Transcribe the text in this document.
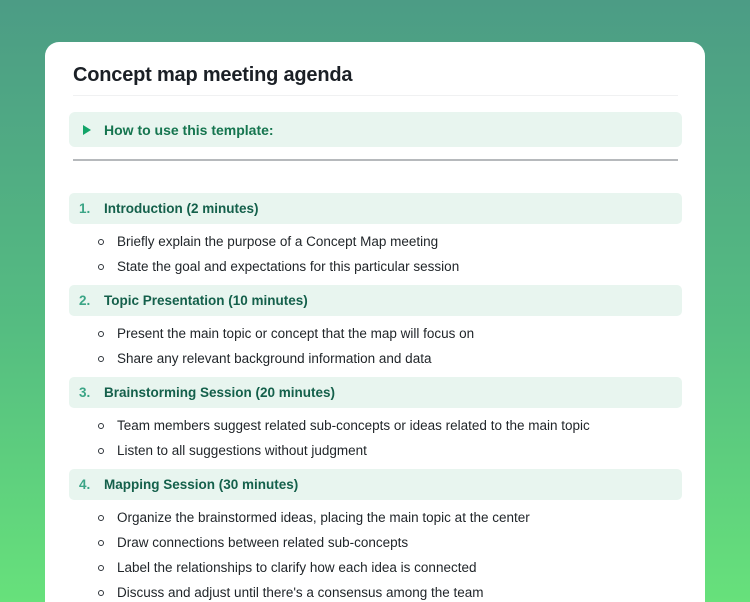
Concept map meeting agenda
How to use this template:
1.	Introduction (2 minutes)
Briefly explain the purpose of a Concept Map meeting
State the goal and expectations for this particular session
2.	Topic Presentation (10 minutes)
Present the main topic or concept that the map will focus on
Share any relevant background information and data
3.	Brainstorming Session (20 minutes)
Team members suggest related sub-concepts or ideas related to the main topic
Listen to all suggestions without judgment
4.	Mapping Session (30 minutes)
Organize the brainstormed ideas, placing the main topic at the center
Draw connections between related sub-concepts
Label the relationships to clarify how each idea is connected
Discuss and adjust until there's a consensus among the team
